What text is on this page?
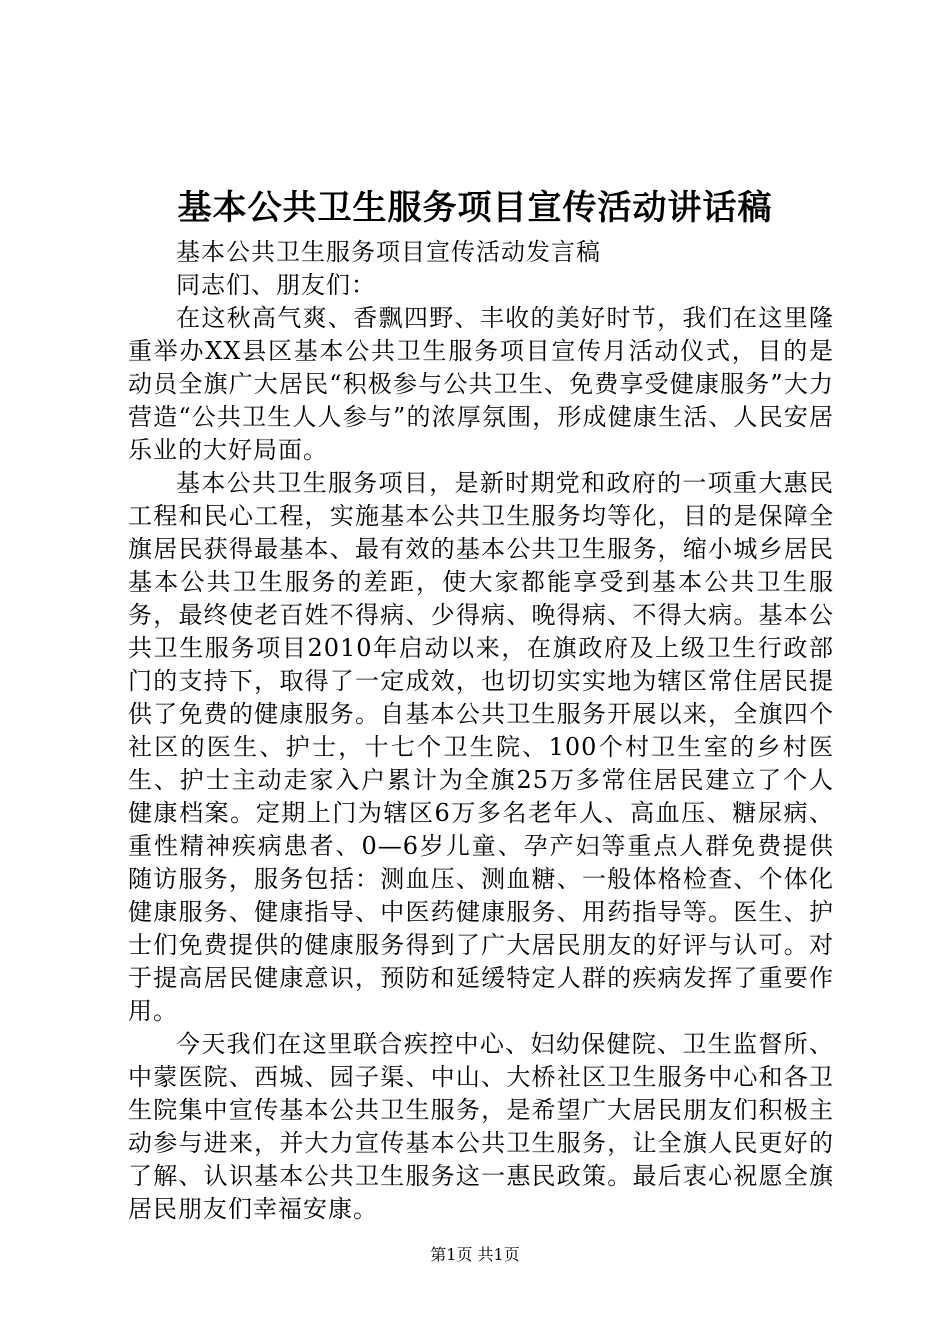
基本公共卫生服务项目宣传活动讲话稿

基本公共卫生服务项目宣传活动发言稿

同志们、朋友们：

在这秋高气爽、香飘四野、丰收的美好时节，我们在这里隆重举办XX县区基本公共卫生服务项目宣传月活动仪式，目的是动员全旗广大居民“积极参与公共卫生、免费享受健康服务”大力营造“公共卫生人人参与”的浓厚氛围，形成健康生活、人民安居乐业的大好局面。

基本公共卫生服务项目，是新时期党和政府的一项重大惠民工程和民心工程，实施基本公共卫生服务均等化，目的是保障全旗居民获得最基本、最有效的基本公共卫生服务，缩小城乡居民基本公共卫生服务的差距，使大家都能享受到基本公共卫生服务，最终使老百姓不得病、少得病、晚得病、不得大病。基本公共卫生服务项目2010年启动以来，在旗政府及上级卫生行政部门的支持下，取得了一定成效，也切切实实地为辖区常住居民提供了免费的健康服务。自基本公共卫生服务开展以来，全旗四个社区的医生、护士，十七个卫生院、100个村卫生室的乡村医生、护士主动走家入户累计为全旗25万多常住居民建立了个人健康档案。定期上门为辖区6万多名老年人、高血压、糖尿病、重性精神疾病患者、0—6岁儿童、孕产妇等重点人群免费提供随访服务，服务包括：测血压、测血糖、一般体格检查、个体化健康服务、健康指导、中医药健康服务、用药指导等。医生、护士们免费提供的健康服务得到了广大居民朋友的好评与认可。对于提高居民健康意识，预防和延缓特定人群的疾病发挥了重要作用。

今天我们在这里联合疾控中心、妇幼保健院、卫生监督所、中蒙医院、西城、园子渠、中山、大桥社区卫生服务中心和各卫生院集中宣传基本公共卫生服务，是希望广大居民朋友们积极主动参与进来，并大力宣传基本公共卫生服务，让全旗人民更好的了解、认识基本公共卫生服务这一惠民政策。最后衷心祝愿全旗居民朋友们幸福安康。

第1页 共1页
